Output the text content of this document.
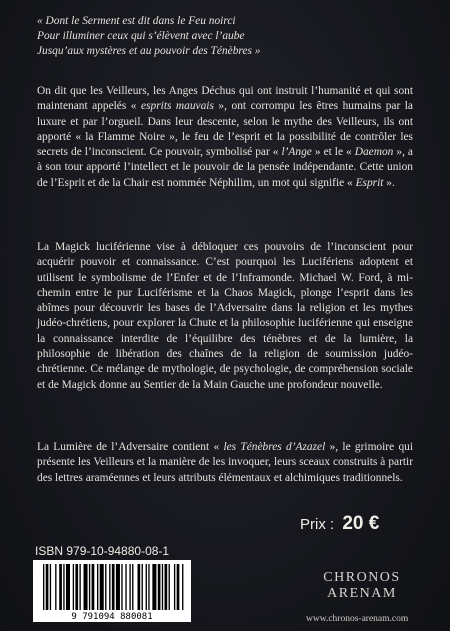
« Dont le Serment est dit dans le Feu noirci
Pour illuminer ceux qui s’élèvent avec l’aube
Jusqu’aux mystères et au pouvoir des Ténèbres »

On dit que les Veilleurs, les Anges Déchus qui ont instruit l’humanité et qui sont maintenant appelés « esprits mauvais », ont corrompu les êtres humains par la luxure et par l’orgueil. Dans leur descente, selon le mythe des Veilleurs, ils ont apporté « la Flamme Noire », le feu de l’esprit et la possibilité de contrôler les secrets de l’inconscient. Ce pouvoir, symbolisé par « l’Ange » et le « Daemon », a à son tour apporté l’intellect et le pouvoir de la pensée indépendante. Cette union de l’Esprit et de la Chair est nommée Néphilim, un mot qui signifie « Esprit ».

La Magick luciférienne vise à débloquer ces pouvoirs de l’inconscient pour acquérir pouvoir et connaissance. C’est pourquoi les Lucifériens adoptent et utilisent le symbolisme de l’Enfer et de l’Inframonde. Michael W. Ford, à mi-chemin entre le pur Luciférisme et la Chaos Magick, plonge l’esprit dans les abîmes pour découvrir les bases de l’Adversaire dans la religion et les mythes judéo-chrétiens, pour explorer la Chute et la philosophie luciférienne qui enseigne la connaissance interdite de l’équilibre des ténèbres et de la lumière, la philosophie de libération des chaînes de la religion de soumission judéo-chrétienne. Ce mélange de mythologie, de psychologie, de compréhension sociale et de Magick donne au Sentier de la Main Gauche une profondeur nouvelle.

La Lumière de l’Adversaire contient « les Ténèbres d’Azazel », le grimoire qui présente les Veilleurs et la manière de les invoquer, leurs sceaux construits à partir des lettres araméennes et leurs attributs élémentaux et alchimiques traditionnels.

Prix : 20 €
ISBN 979-10-94880-08-1
9 791094 880081
CHRONOS
ARENAM
www.chronos-arenam.com
